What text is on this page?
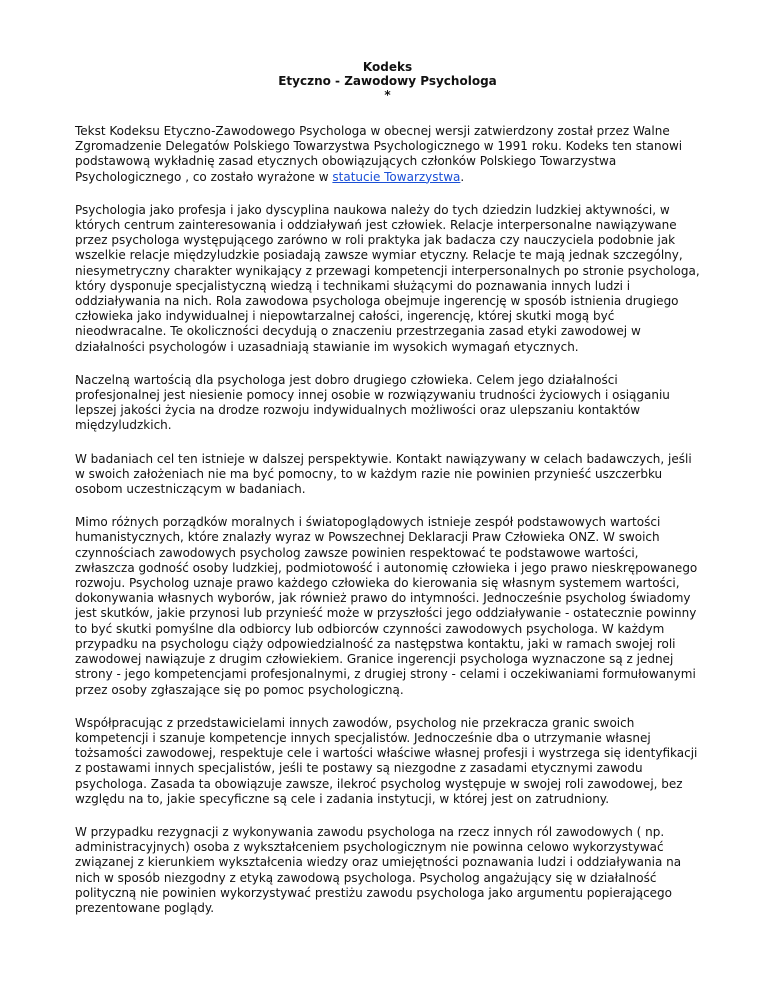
Kodeks
Etyczno - Zawodowy Psychologa
*

Tekst Kodeksu Etyczno-Zawodowego Psychologa w obecnej wersji zatwierdzony został przez Walne Zgromadzenie Delegatów Polskiego Towarzystwa Psychologicznego w 1991 roku. Kodeks ten stanowi podstawową wykładnię zasad etycznych obowiązujących członków Polskiego Towarzystwa Psychologicznego , co zostało wyrażone w statucie Towarzystwa.

Psychologia jako profesja i jako dyscyplina naukowa należy do tych dziedzin ludzkiej aktywności, w których centrum zainteresowania i oddziaływań jest człowiek. Relacje interpersonalne nawiązywane przez psychologa występującego zarówno w roli praktyka jak badacza czy nauczyciela podobnie jak wszelkie relacje międzyludzkie posiadają zawsze wymiar etyczny. Relacje te mają jednak szczególny, niesymetryczny charakter wynikający z przewagi kompetencji interpersonalnych po stronie psychologa, który dysponuje specjalistyczną wiedzą i technikami służącymi do poznawania innych ludzi i oddziaływania na nich. Rola zawodowa psychologa obejmuje ingerencję w sposób istnienia drugiego człowieka jako indywidualnej i niepowtarzalnej całości, ingerencję, której skutki mogą być nieodwracalne. Te okoliczności decydują o znaczeniu przestrzegania zasad etyki zawodowej w działalności psychologów i uzasadniają stawianie im wysokich wymagań etycznych.

Naczelną wartością dla psychologa jest dobro drugiego człowieka. Celem jego działalności profesjonalnej jest niesienie pomocy innej osobie w rozwiązywaniu trudności życiowych i osiąganiu lepszej jakości życia na drodze rozwoju indywidualnych możliwości oraz ulepszaniu kontaktów międzyludzkich.

W badaniach cel ten istnieje w dalszej perspektywie. Kontakt nawiązywany w celach badawczych, jeśli w swoich założeniach nie ma być pomocny, to w każdym razie nie powinien przynieść uszczerbku osobom uczestniczącym w badaniach.

Mimo różnych porządków moralnych i światopoglądowych istnieje zespół podstawowych wartości humanistycznych, które znalazły wyraz w Powszechnej Deklaracji Praw Człowieka ONZ. W swoich czynnościach zawodowych psycholog zawsze powinien respektować te podstawowe wartości, zwłaszcza godność osoby ludzkiej, podmiotowość i autonomię człowieka i jego prawo nieskrępowanego rozwoju. Psycholog uznaje prawo każdego człowieka do kierowania się własnym systemem wartości, dokonywania własnych wyborów, jak również prawo do intymności. Jednocześnie psycholog świadomy jest skutków, jakie przynosi lub przynieść może w przyszłości jego oddziaływanie - ostatecznie powinny to być skutki pomyślne dla odbiorcy lub odbiorców czynności zawodowych psychologa. W każdym przypadku na psychologu ciąży odpowiedzialność za następstwa kontaktu, jaki w ramach swojej roli zawodowej nawiązuje z drugim człowiekiem. Granice ingerencji psychologa wyznaczone są z jednej strony - jego kompetencjami profesjonalnymi, z drugiej strony - celami i oczekiwaniami formułowanymi przez osoby zgłaszające się po pomoc psychologiczną.

Współpracując z przedstawicielami innych zawodów, psycholog nie przekracza granic swoich kompetencji i szanuje kompetencje innych specjalistów. Jednocześnie dba o utrzymanie własnej tożsamości zawodowej, respektuje cele i wartości właściwe własnej profesji i wystrzega się identyfikacji z postawami innych specjalistów, jeśli te postawy są niezgodne z zasadami etycznymi zawodu psychologa. Zasada ta obowiązuje zawsze, ilekroć psycholog występuje w swojej roli zawodowej, bez względu na to, jakie specyficzne są cele i zadania instytucji, w której jest on zatrudniony.

W przypadku rezygnacji z wykonywania zawodu psychologa na rzecz innych ról zawodowych ( np. administracyjnych) osoba z wykształceniem psychologicznym nie powinna celowo wykorzystywać związanej z kierunkiem wykształcenia wiedzy oraz umiejętności poznawania ludzi i oddziaływania na nich w sposób niezgodny z etyką zawodową psychologa. Psycholog angażujący się w działalność polityczną nie powinien wykorzystywać prestiżu zawodu psychologa jako argumentu popierającego prezentowane poglądy.
